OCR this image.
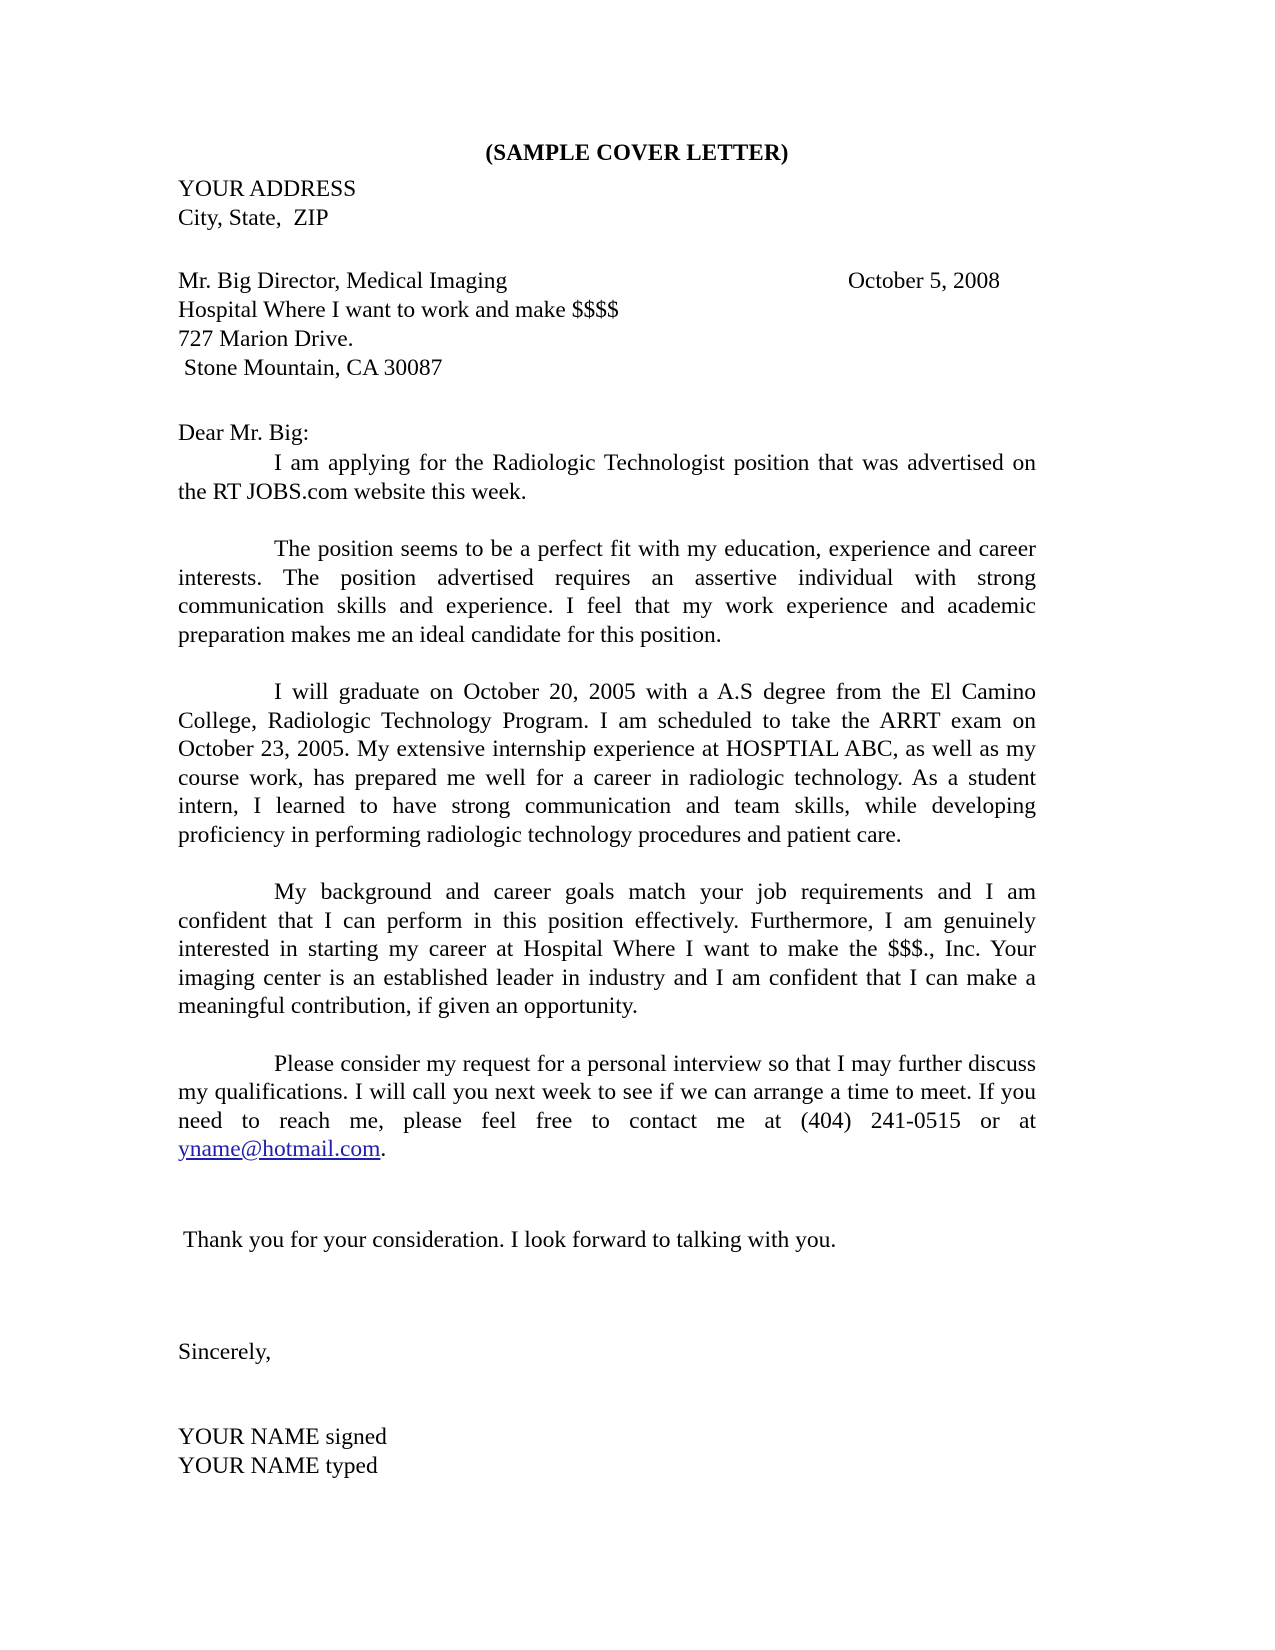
(SAMPLE COVER LETTER)
YOUR ADDRESS
City, State,  ZIP
October 5, 2008
Mr. Big Director, Medical Imaging
Hospital Where I want to work and make $$$$
727 Marion Drive.
Stone Mountain, CA 30087
Dear Mr. Big:

I am applying for the Radiologic Technologist position that was advertised on the RT JOBS.com website this week.

The position seems to be a perfect fit with my education, experience and career interests. The position advertised requires an assertive individual with strong communication skills and experience. I feel that my work experience and academic preparation makes me an ideal candidate for this position.

I will graduate on October 20, 2005 with a A.S degree from the El Camino College, Radiologic Technology Program. I am scheduled to take the ARRT exam on October 23, 2005. My extensive internship experience at HOSPTIAL ABC, as well as my course work, has prepared me well for a career in radiologic technology. As a student intern, I learned to have strong communication and team skills, while developing proficiency in performing radiologic technology procedures and patient care.

My background and career goals match your job requirements and I am confident that I can perform in this position effectively. Furthermore, I am genuinely interested in starting my career at Hospital Where I want to make the $$$., Inc. Your imaging center is an established leader in industry and I am confident that I can make a meaningful contribution, if given an opportunity.

Please consider my request for a personal interview so that I may further discuss my qualifications. I will call you next week to see if we can arrange a time to meet. If you need to reach me, please feel free to contact me at (404) 241-0515 or at yname@hotmail.com.

Thank you for your consideration. I look forward to talking with you.
Sincerely,
YOUR NAME signed
YOUR NAME typed
